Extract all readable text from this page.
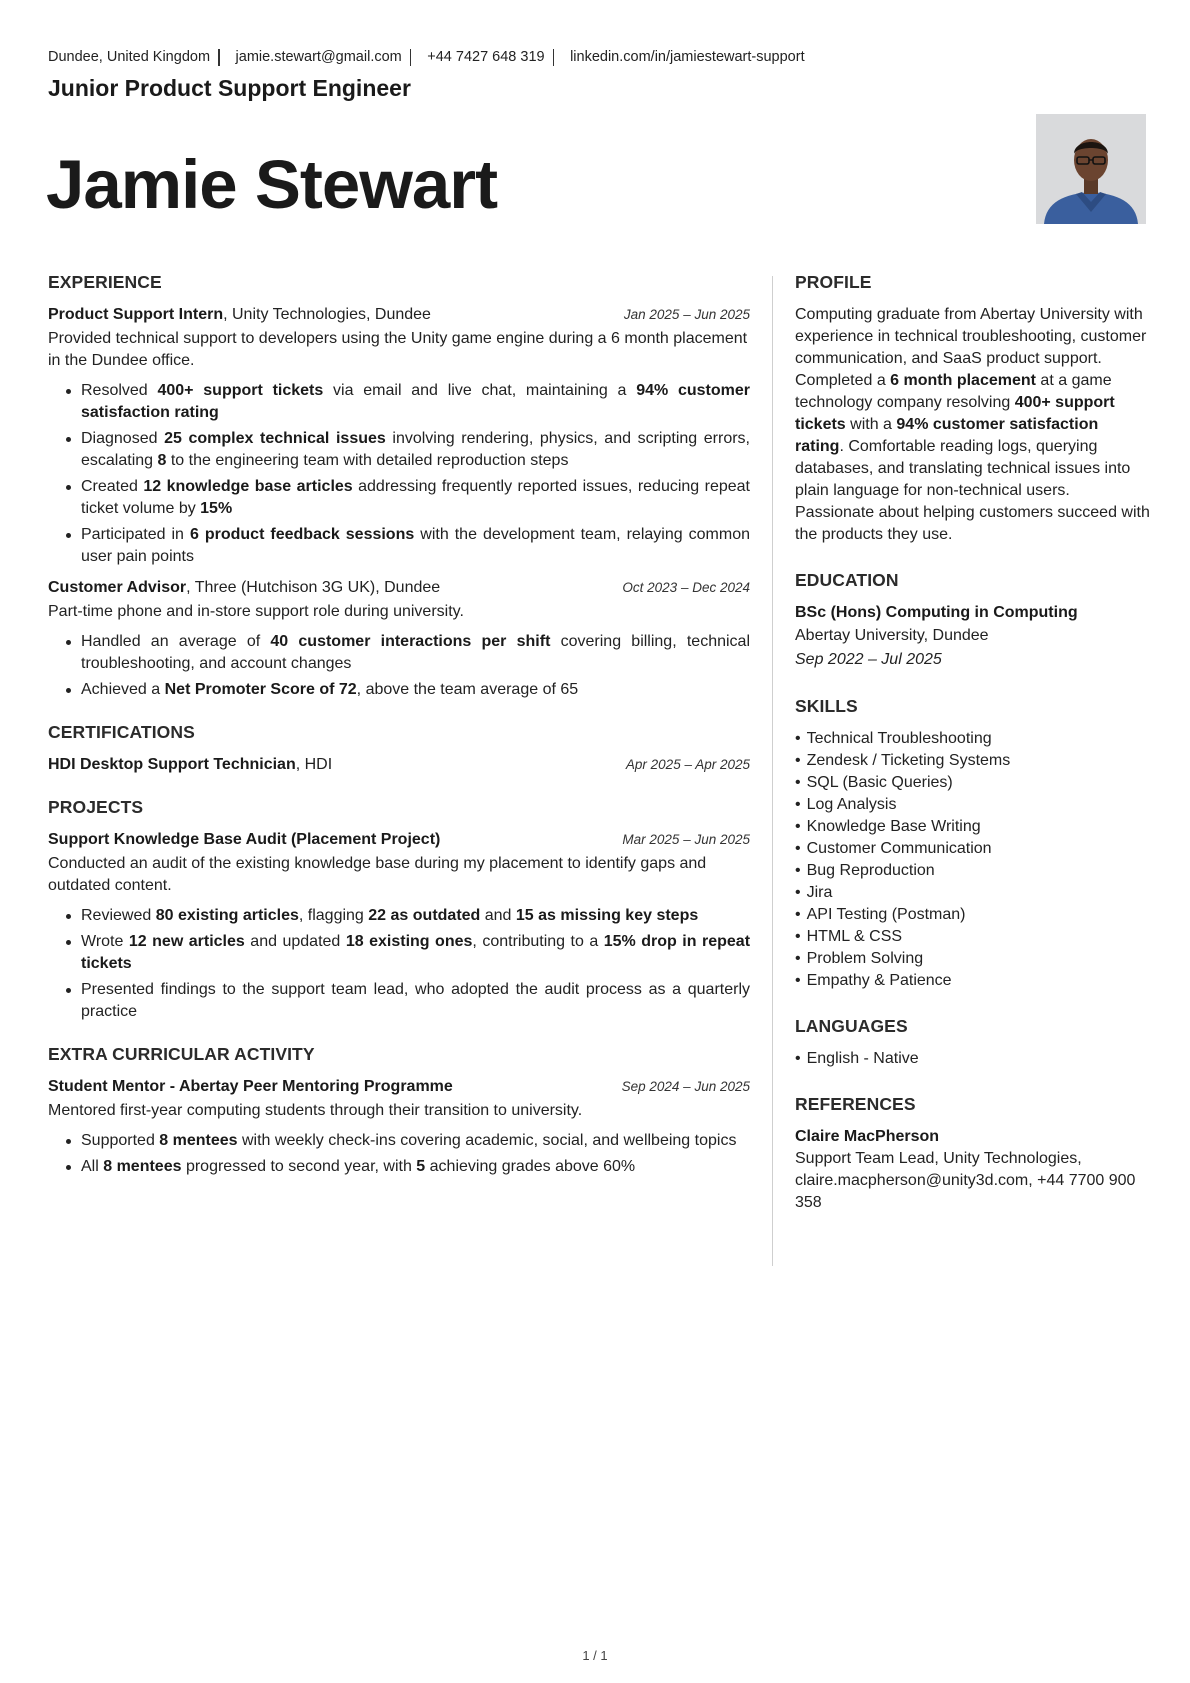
Dundee, United Kingdom jamie.stewart@gmail.com +44 7427 648 319 linkedin.com/in/jamiestewart-support
Junior Product Support Engineer
Jamie Stewart
EXPERIENCE
Product Support Intern, Unity Technologies, Dundee	Jan 2025 – Jun 2025
Provided technical support to developers using the Unity game engine during a 6 month placement in the Dundee office.
Resolved 400+ support tickets via email and live chat, maintaining a 94% customer satisfaction rating
Diagnosed 25 complex technical issues involving rendering, physics, and scripting errors, escalating 8 to the engineering team with detailed reproduction steps
Created 12 knowledge base articles addressing frequently reported issues, reducing repeat ticket volume by 15%
Participated in 6 product feedback sessions with the development team, relaying common user pain points
Customer Advisor, Three (Hutchison 3G UK), Dundee	Oct 2023 – Dec 2024
Part-time phone and in-store support role during university.
Handled an average of 40 customer interactions per shift covering billing, technical troubleshooting, and account changes
Achieved a Net Promoter Score of 72, above the team average of 65
CERTIFICATIONS
HDI Desktop Support Technician, HDI	Apr 2025 – Apr 2025
PROJECTS
Support Knowledge Base Audit (Placement Project)	Mar 2025 – Jun 2025
Conducted an audit of the existing knowledge base during my placement to identify gaps and outdated content.
Reviewed 80 existing articles, flagging 22 as outdated and 15 as missing key steps
Wrote 12 new articles and updated 18 existing ones, contributing to a 15% drop in repeat tickets
Presented findings to the support team lead, who adopted the audit process as a quarterly practice
EXTRA CURRICULAR ACTIVITY
Student Mentor - Abertay Peer Mentoring Programme	Sep 2024 – Jun 2025
Mentored first-year computing students through their transition to university.
Supported 8 mentees with weekly check-ins covering academic, social, and wellbeing topics
All 8 mentees progressed to second year, with 5 achieving grades above 60%
PROFILE

Computing graduate from Abertay University with experience in technical troubleshooting, customer communication, and SaaS product support. Completed a 6 month placement at a game technology company resolving 400+ support tickets with a 94% customer satisfaction rating. Comfortable reading logs, querying databases, and translating technical issues into plain language for non-technical users. Passionate about helping customers succeed with the products they use.

EDUCATION
BSc (Hons) Computing in Computing
Abertay University, Dundee
Sep 2022 – Jul 2025
SKILLS
• Technical Troubleshooting
• Zendesk / Ticketing Systems
• SQL (Basic Queries)
• Log Analysis
• Knowledge Base Writing
• Customer Communication
• Bug Reproduction
• Jira
• API Testing (Postman)
• HTML & CSS
• Problem Solving
• Empathy & Patience
LANGUAGES
• English - Native
REFERENCES
Claire MacPherson

Support Team Lead, Unity Technologies, claire.macpherson@unity3d.com, +44 7700 900 358

1 / 1
